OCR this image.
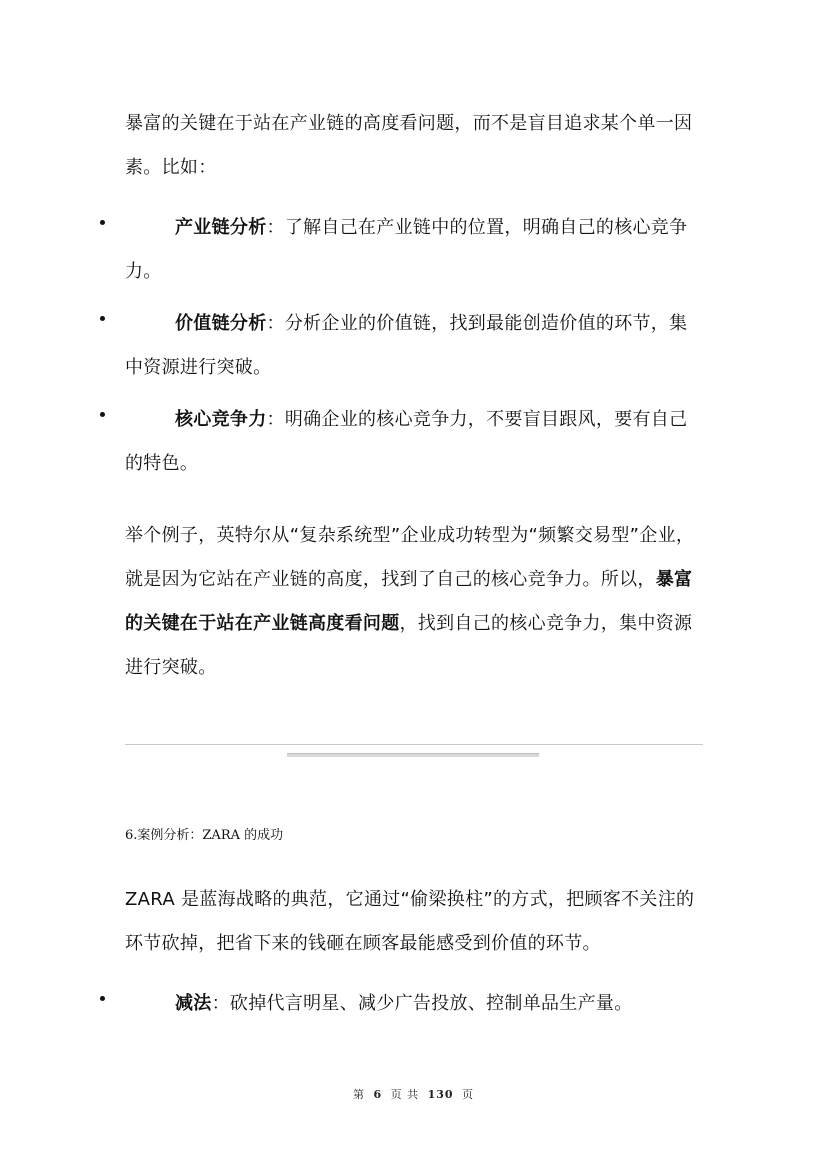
暴富的关键在于站在产业链的高度看问题，而不是盲目追求某个单一因素。比如：
产业链分析：了解自己在产业链中的位置，明确自己的核心竞争力。
价值链分析：分析企业的价值链，找到最能创造价值的环节，集中资源进行突破。
核心竞争力：明确企业的核心竞争力，不要盲目跟风，要有自己的特色。
举个例子，英特尔从“复杂系统型”企业成功转型为“频繁交易型”企业，就是因为它站在产业链的高度，找到了自己的核心竞争力。所以，暴富的关键在于站在产业链高度看问题，找到自己的核心竞争力，集中资源进行突破。
6.案例分析：ZARA 的成功
ZARA 是蓝海战略的典范，它通过“偷梁换柱”的方式，把顾客不关注的环节砍掉，把省下来的钱砸在顾客最能感受到价值的环节。
减法：砍掉代言明星、减少广告投放、控制单品生产量。
第 6 页 共 130 页
